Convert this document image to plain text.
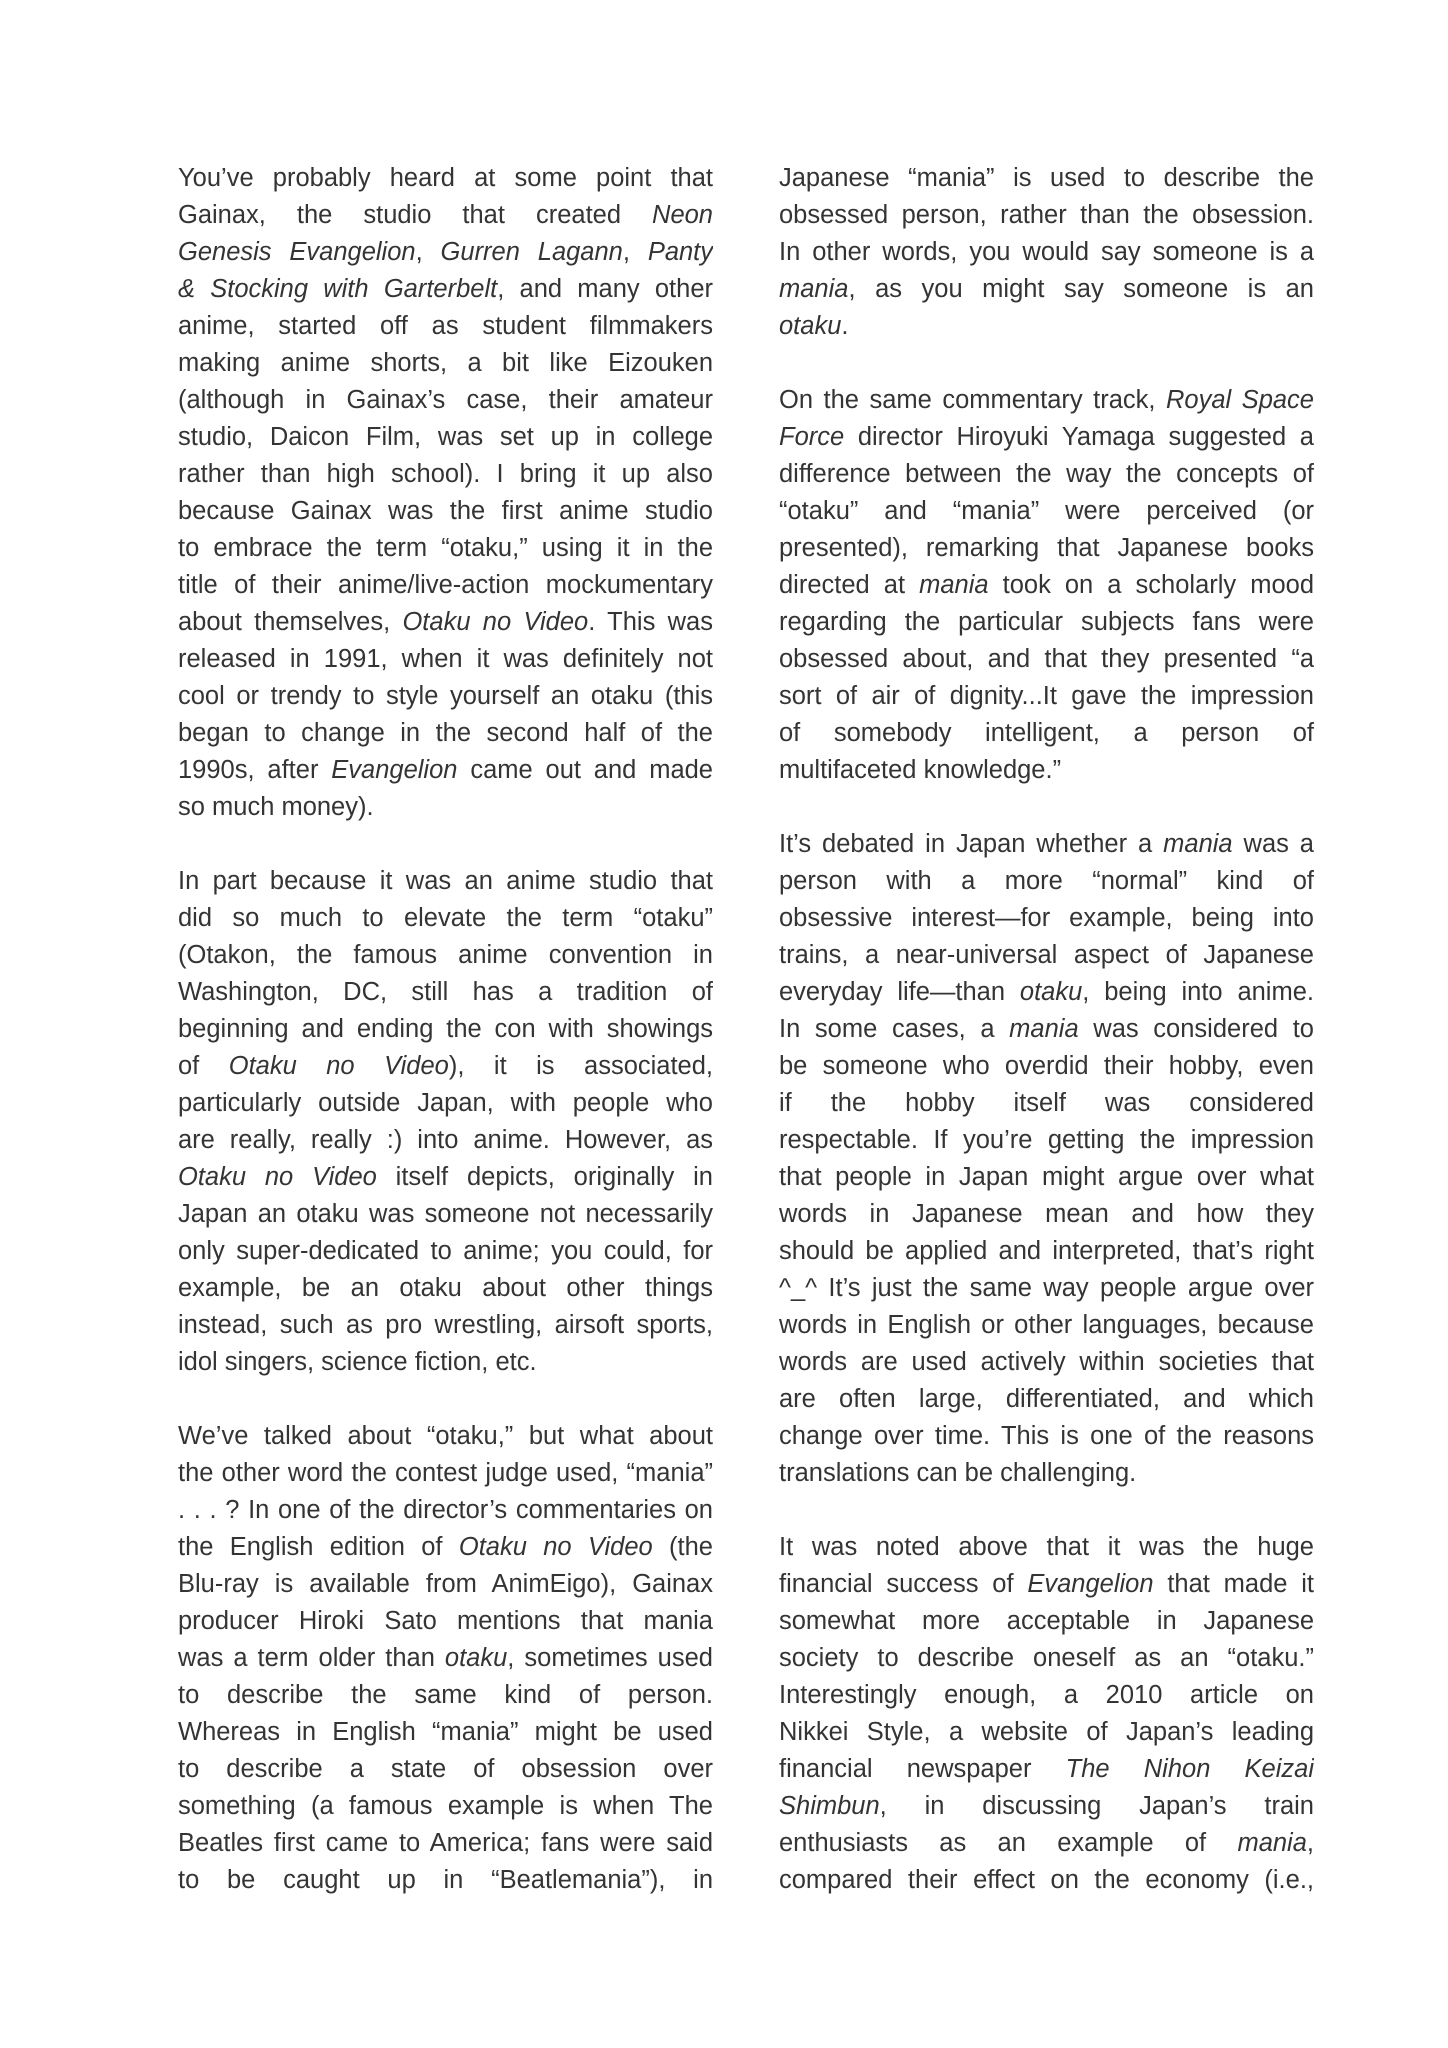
You’ve probably heard at some point that
Gainax, the studio that created Neon
Genesis Evangelion, Gurren Lagann, Panty
& Stocking with Garterbelt, and many other
anime, started off as student filmmakers
making anime shorts, a bit like Eizouken
(although in Gainax’s case, their amateur
studio, Daicon Film, was set up in college
rather than high school). I bring it up also
because Gainax was the first anime studio
to embrace the term “otaku,” using it in the
title of their anime/live-action mockumentary
about themselves, Otaku no Video. This was
released in 1991, when it was definitely not
cool or trendy to style yourself an otaku (this
began to change in the second half of the
1990s, after Evangelion came out and made
so much money).
In part because it was an anime studio that
did so much to elevate the term “otaku”
(Otakon, the famous anime convention in
Washington, DC, still has a tradition of
beginning and ending the con with showings
of Otaku no Video), it is associated,
particularly outside Japan, with people who
are really, really :) into anime. However, as
Otaku no Video itself depicts, originally in
Japan an otaku was someone not necessarily
only super-dedicated to anime; you could, for
example, be an otaku about other things
instead, such as pro wrestling, airsoft sports,
idol singers, science fiction, etc.
We’ve talked about “otaku,” but what about
the other word the contest judge used, “mania”
. . . ? In one of the director’s commentaries on
the English edition of Otaku no Video (the
Blu-ray is available from AnimEigo), Gainax
producer Hiroki Sato mentions that mania
was a term older than otaku, sometimes used
to describe the same kind of person.
Whereas in English “mania” might be used
to describe a state of obsession over
something (a famous example is when The
Beatles first came to America; fans were said
to be caught up in “Beatlemania”), in
Japanese “mania” is used to describe the
obsessed person, rather than the obsession.
In other words, you would say someone is a
mania, as you might say someone is an
otaku.
On the same commentary track, Royal Space
Force director Hiroyuki Yamaga suggested a
difference between the way the concepts of
“otaku” and “mania” were perceived (or
presented), remarking that Japanese books
directed at mania took on a scholarly mood
regarding the particular subjects fans were
obsessed about, and that they presented “a
sort of air of dignity...It gave the impression
of somebody intelligent, a person of
multifaceted knowledge.”
It’s debated in Japan whether a mania was a
person with a more “normal” kind of
obsessive interest—for example, being into
trains, a near-universal aspect of Japanese
everyday life—than otaku, being into anime.
In some cases, a mania was considered to
be someone who overdid their hobby, even
if the hobby itself was considered
respectable. If you’re getting the impression
that people in Japan might argue over what
words in Japanese mean and how they
should be applied and interpreted, that’s right
^_^ It’s just the same way people argue over
words in English or other languages, because
words are used actively within societies that
are often large, differentiated, and which
change over time. This is one of the reasons
translations can be challenging.
It was noted above that it was the huge
financial success of Evangelion that made it
somewhat more acceptable in Japanese
society to describe oneself as an “otaku.”
Interestingly enough, a 2010 article on
Nikkei Style, a website of Japan’s leading
financial newspaper The Nihon Keizai
Shimbun, in discussing Japan’s train
enthusiasts as an example of mania,
compared their effect on the economy (i.e.,
